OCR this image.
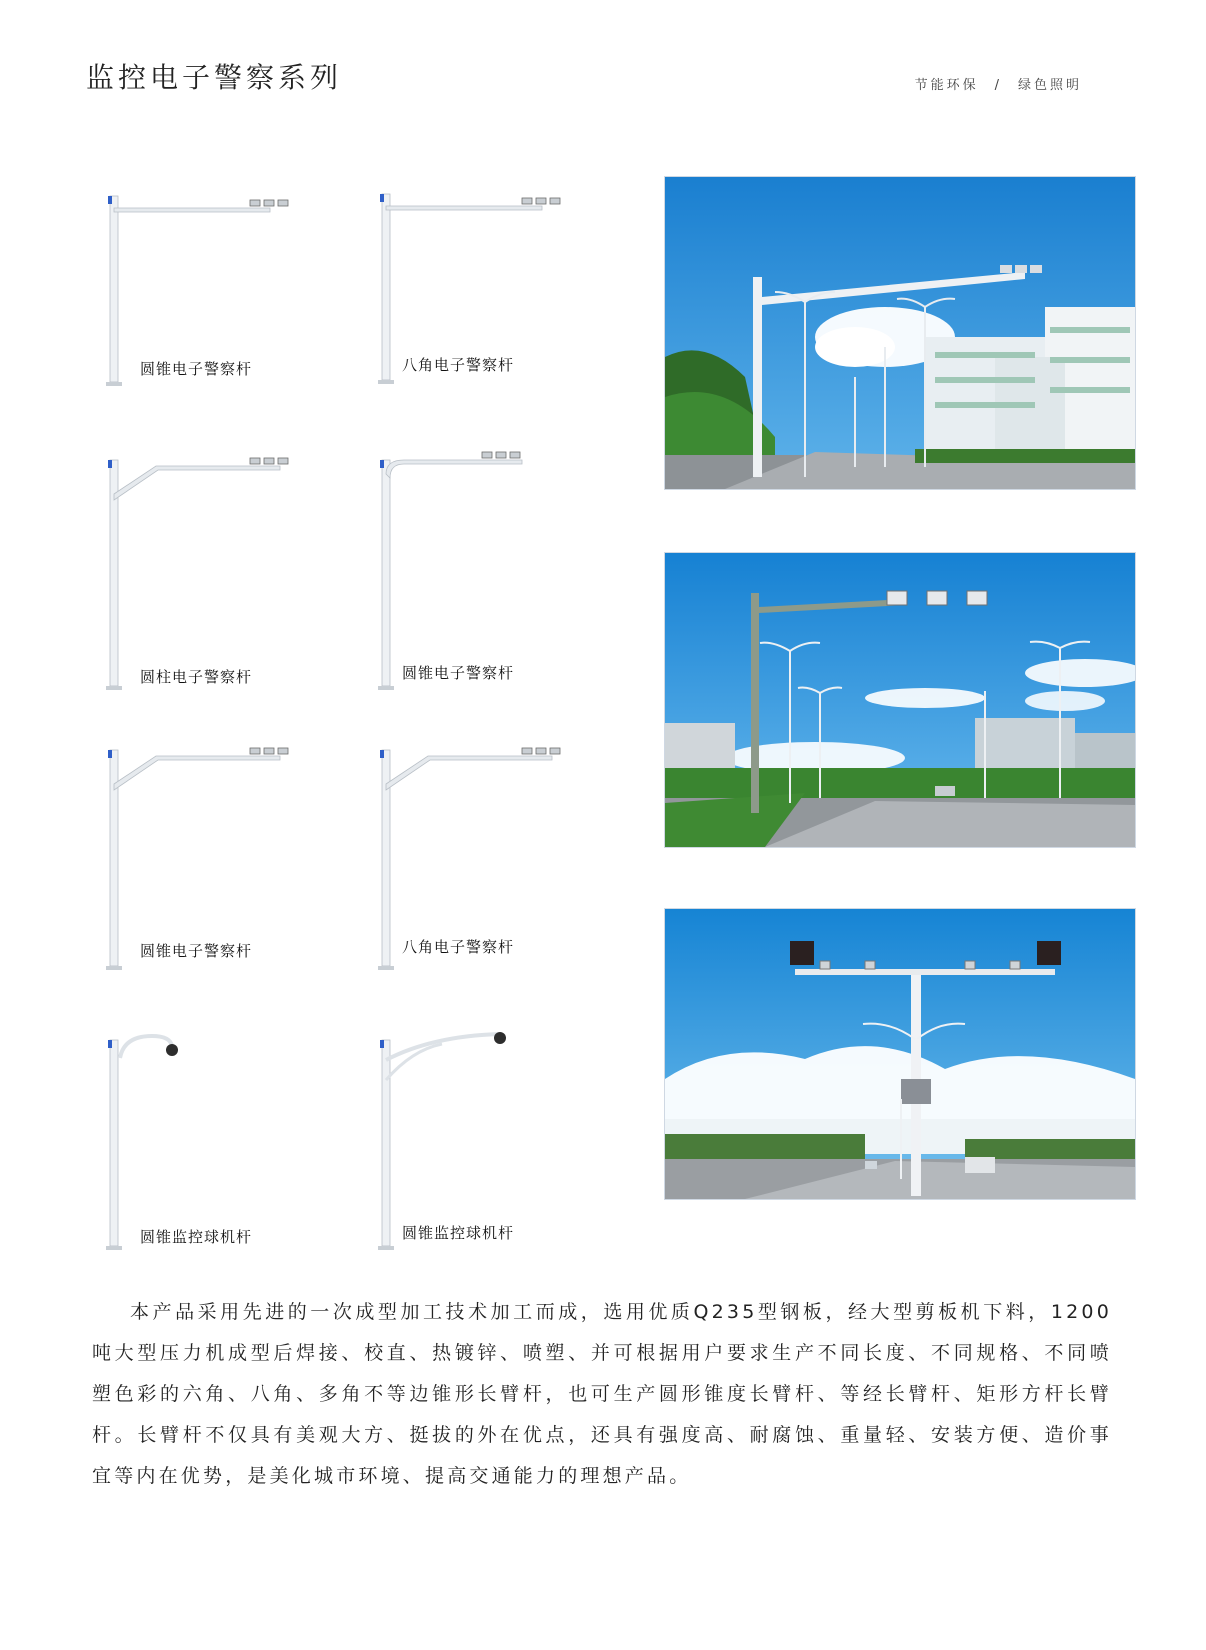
监控电子警察系列	节能环保　/　绿色照明
圆锥电子警察杆	八角电子警察杆
圆柱电子警察杆	圆锥电子警察杆
圆锥电子警察杆	八角电子警察杆
圆锥监控球机杆	圆锥监控球机杆

本产品采用先进的一次成型加工技术加工而成，选用优质Q235型钢板，经大型剪板机下料，1200吨大型压力机成型后焊接、校直、热镀锌、喷塑、并可根据用户要求生产不同长度、不同规格、不同喷塑色彩的六角、八角、多角不等边锥形长臂杆，也可生产圆形锥度长臂杆、等经长臂杆、矩形方杆长臂杆。长臂杆不仅具有美观大方、挺拔的外在优点，还具有强度高、耐腐蚀、重量轻、安装方便、造价事宜等内在优势，是美化城市环境、提高交通能力的理想产品。
